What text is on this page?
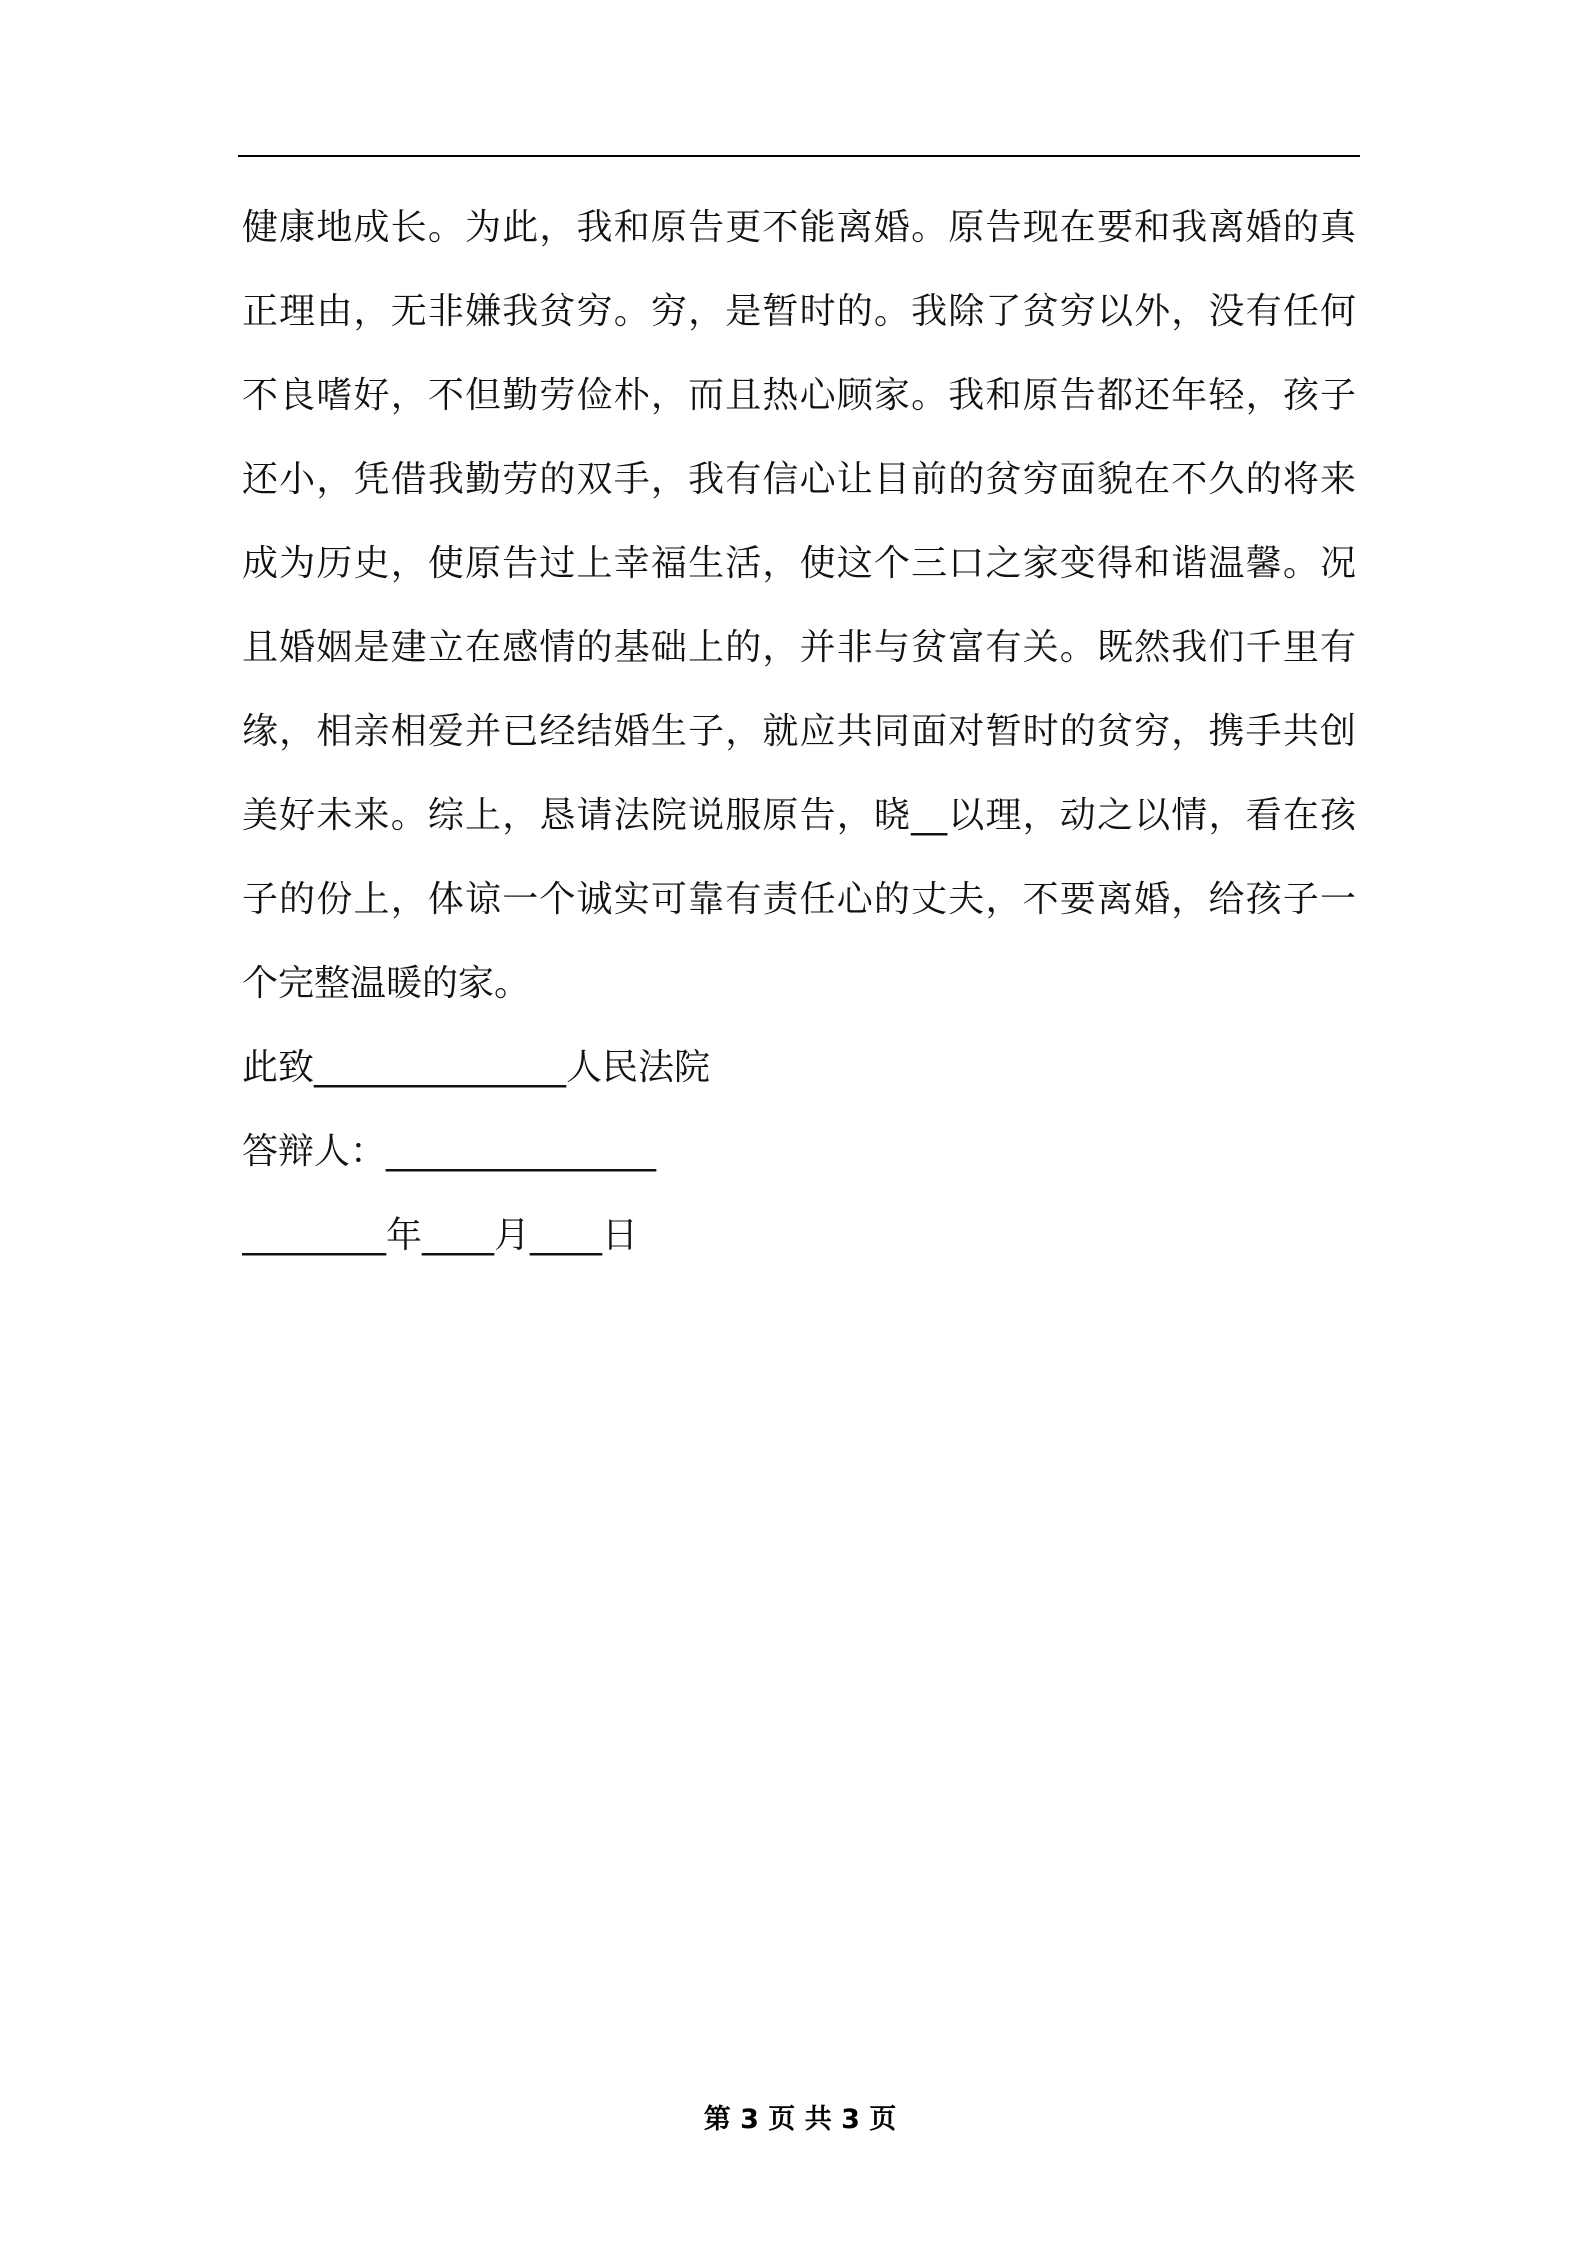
健康地成长。为此，我和原告更不能离婚。原告现在要和我离婚的真
正理由，无非嫌我贫穷。穷，是暂时的。我除了贫穷以外，没有任何
不良嗜好，不但勤劳俭朴，而且热心顾家。我和原告都还年轻，孩子
还小，凭借我勤劳的双手，我有信心让目前的贫穷面貌在不久的将来
成为历史，使原告过上幸福生活，使这个三口之家变得和谐温馨。况
且婚姻是建立在感情的基础上的，并非与贫富有关。既然我们千里有
缘，相亲相爱并已经结婚生子，就应共同面对暂时的贫穷，携手共创
美好未来。综上，恳请法院说服原告，晓__以理，动之以情，看在孩
子的份上，体谅一个诚实可靠有责任心的丈夫，不要离婚，给孩子一
个完整温暖的家。
此致______________人民法院
答辩人：_______________
________年____月____日
第 3 页 共 3 页
